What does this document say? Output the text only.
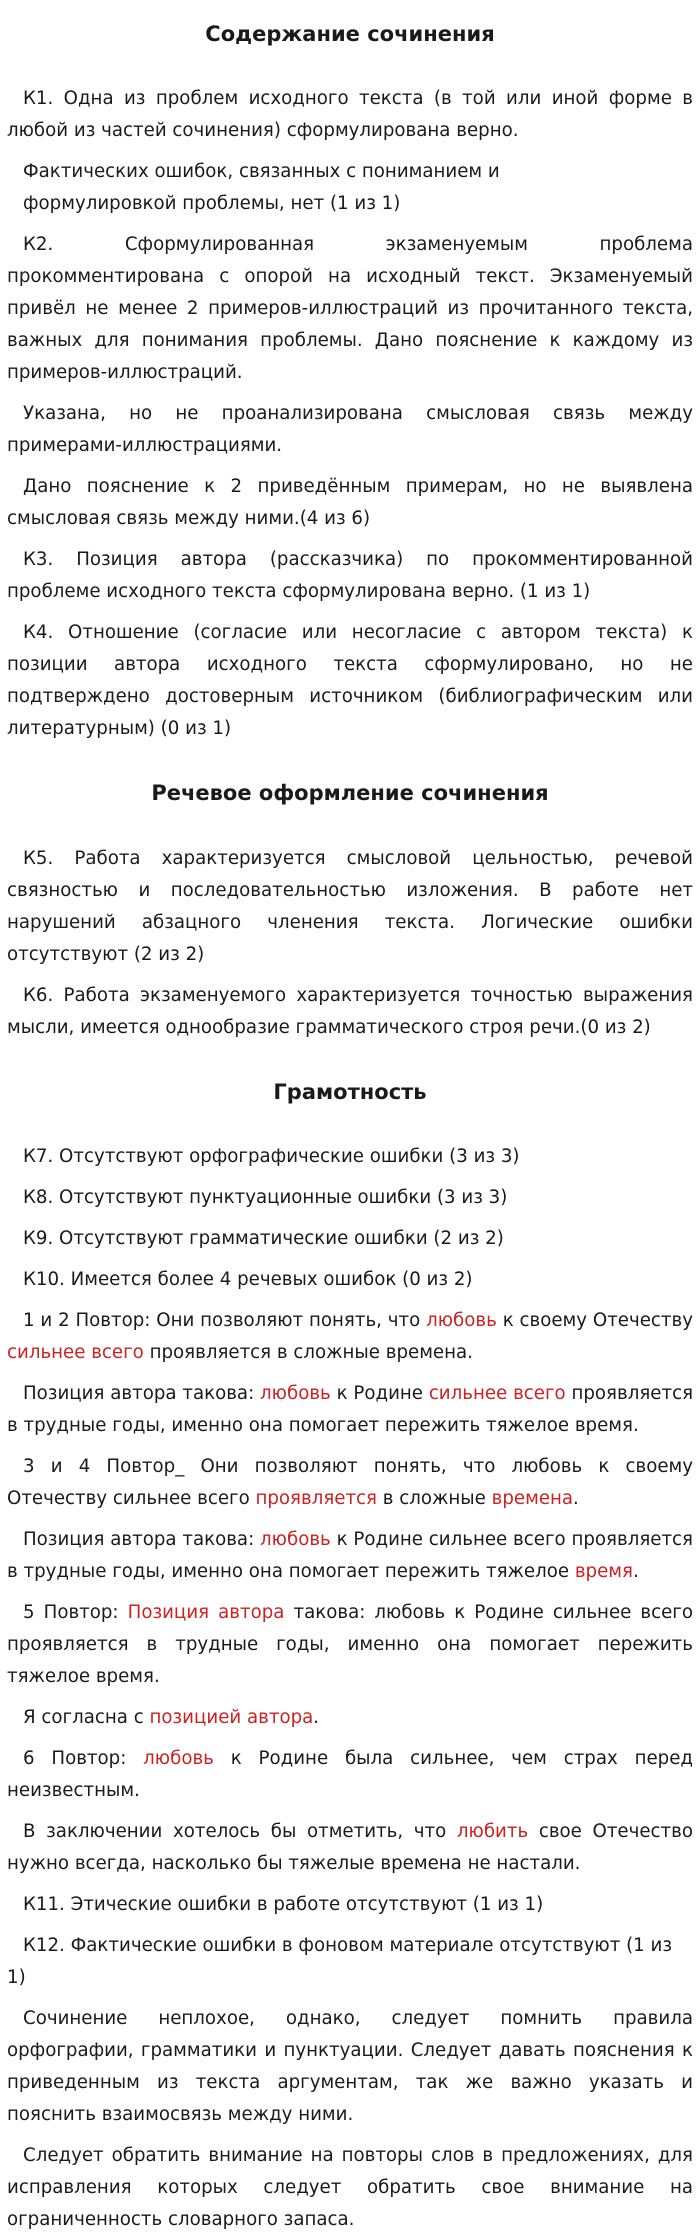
Содержание сочинения

К1. Одна из проблем исходного текста (в той или иной форме в любой из частей сочинения) сформулирована верно.

Фактических ошибок, связанных с пониманием и

формулировкой проблемы, нет (1 из 1)

К2. Сформулированная экзаменуемым проблема прокомментирована с опорой на исходный текст. Экзаменуемый привёл не менее 2 примеров-иллюстраций из прочитанного текста, важных для понимания проблемы. Дано пояснение к каждому из примеров-иллюстраций.

Указана, но не проанализирована смысловая связь между примерами-иллюстрациями.

Дано пояснение к 2 приведённым примерам, но не выявлена смысловая связь между ними.(4 из 6)

К3. Позиция автора (рассказчика) по прокомментированной проблеме исходного текста сформулирована верно. (1 из 1)

К4. Отношение (согласие или несогласие с автором текста) к позиции автора исходного текста сформулировано, но не подтверждено достоверным источником (библиографическим или литературным) (0 из 1)

Речевое оформление сочинения

К5. Работа характеризуется смысловой цельностью, речевой связностью и последовательностью изложения. В работе нет нарушений абзацного членения текста. Логические ошибки отсутствуют (2 из 2)

К6. Работа экзаменуемого характеризуется точностью выражения мысли, имеется однообразие грамматического строя речи.(0 из 2)

Грамотность

К7. Отсутствуют орфографические ошибки (3 из 3)

К8. Отсутствуют пунктуационные ошибки (3 из 3)

К9. Отсутствуют грамматические ошибки (2 из 2)

К10. Имеется более 4 речевых ошибок (0 из 2)

1 и 2 Повтор: Они позволяют понять, что любовь к своему Отечеству сильнее всего проявляется в сложные времена.

Позиция автора такова: любовь к Родине сильнее всего проявляется в трудные годы, именно она помогает пережить тяжелое время.

3 и 4 Повтор_ Они позволяют понять, что любовь к своему Отечеству сильнее всего проявляется в сложные времена.

Позиция автора такова: любовь к Родине сильнее всего проявляется в трудные годы, именно она помогает пережить тяжелое время.

5 Повтор: Позиция автора такова: любовь к Родине сильнее всего проявляется в трудные годы, именно она помогает пережить тяжелое время.

Я согласна с позицией автора.

6 Повтор: любовь к Родине была сильнее, чем страх перед неизвестным.

В заключении хотелось бы отметить, что любить свое Отечество нужно всегда, насколько бы тяжелые времена не настали.

К11. Этические ошибки в работе отсутствуют (1 из 1)

К12. Фактические ошибки в фоновом материале отсутствуют (1 из 1)

Сочинение неплохое, однако, следует помнить правила орфографии, грамматики и пунктуации. Следует давать пояснения к приведенным из текста аргументам, так же важно указать и пояснить взаимосвязь между ними.

Следует обратить внимание на повторы слов в предложениях, для исправления которых следует обратить свое внимание на ограниченность словарного запаса.
